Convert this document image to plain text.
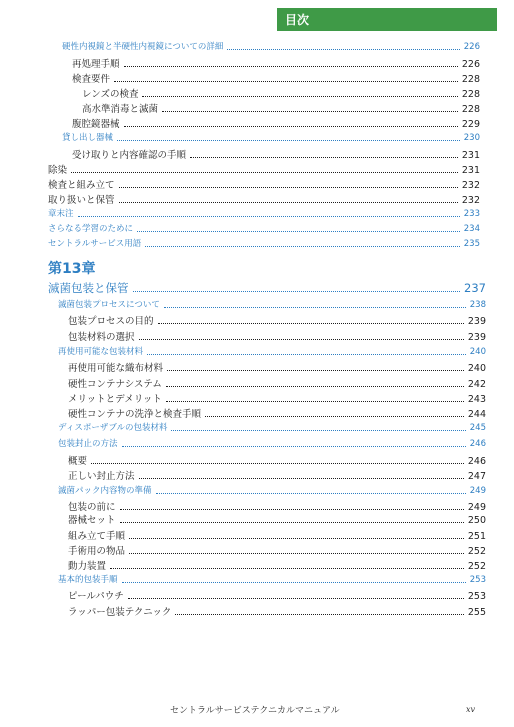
目次
硬性内視鏡と半硬性内視鏡についての詳細	226
再処理手順	226
検査要件	228
レンズの検査	228
高水準消毒と滅菌	228
腹腔鏡器械	229
貸し出し器械	230
受け取りと内容確認の手順	231
除染	231
検査と組み立て	232
取り扱いと保管	232
章末注	233
さらなる学習のために	234
セントラルサービス用語	235
第13章
滅菌包装と保管	237
滅菌包装プロセスについて	238
包装プロセスの目的	239
包装材料の選択	239
再使用可能な包装材料	240
再使用可能な織布材料	240
硬性コンテナシステム	242
メリットとデメリット	243
硬性コンテナの洗浄と検査手順	244
ディスポーザブルの包装材料	245
包装封止の方法	246
概要	246
正しい封止方法	247
滅菌パック内容物の準備	249
包装の前に	249
器械セット	250
組み立て手順	251
手術用の物品	252
動力装置	252
基本的包装手順	253
ピールパウチ	253
ラッパー包装テクニック	255
セントラルサービステクニカルマニュアル	xv
